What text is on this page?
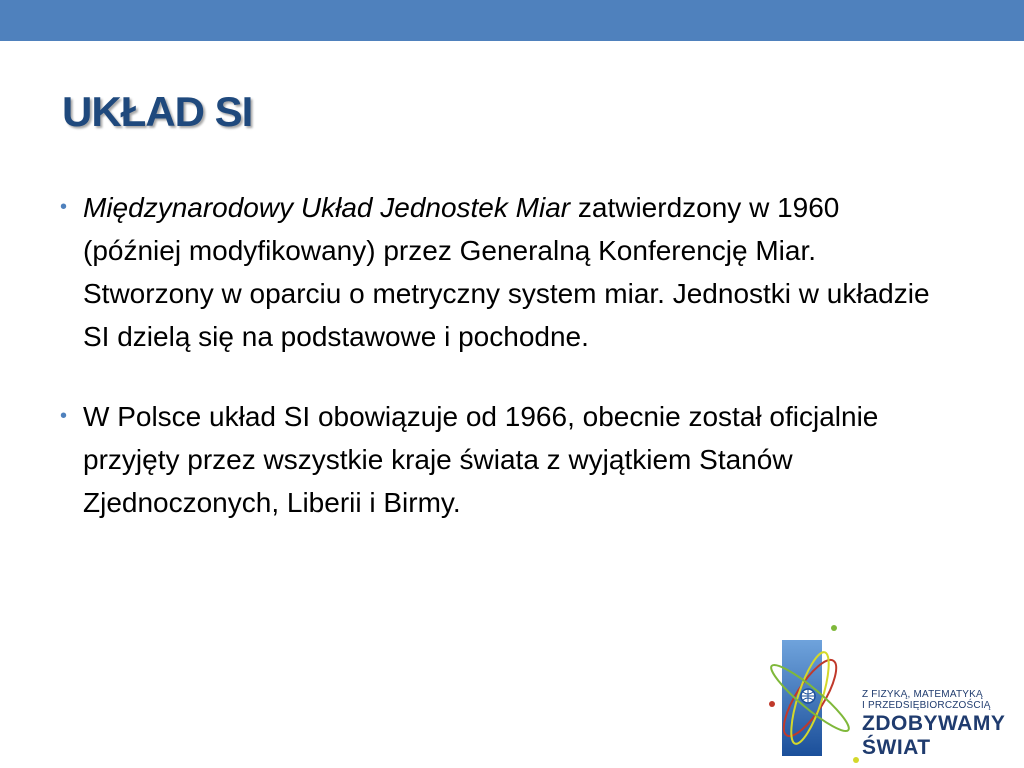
UKŁAD SI
• Międzynarodowy Układ Jednostek Miar zatwierdzony w 1960 (później modyfikowany) przez Generalną Konferencję Miar. Stworzony w oparciu o metryczny system miar. Jednostki w układzie SI dzielą się na podstawowe i pochodne.
• W Polsce układ SI obowiązuje od 1966, obecnie został oficjalnie przyjęty przez wszystkie kraje świata z wyjątkiem Stanów Zjednoczonych, Liberii i Birmy.
Z FIZYKĄ, MATEMATYKĄ
I PRZEDSIĘBIORCZOŚCIĄ
ZDOBYWAMY
ŚWIAT
